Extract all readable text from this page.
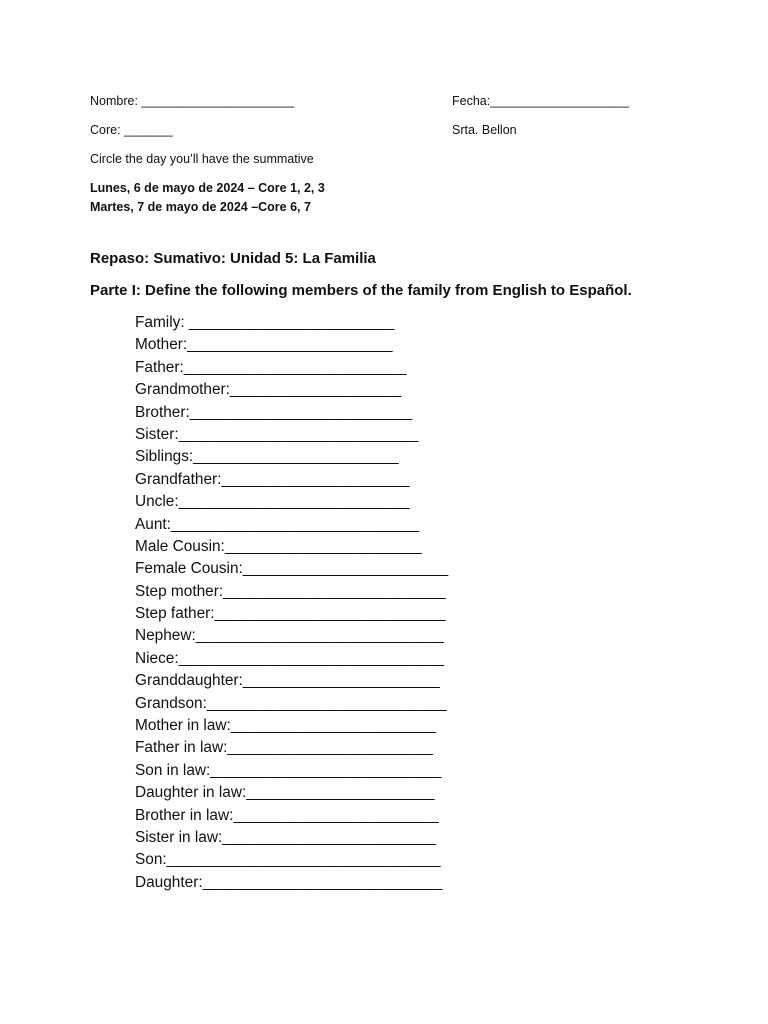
Nombre: ______________________	Fecha:____________________
Core: _______	Srta. Bellon
Circle the day you’ll have the summative
Lunes, 6 de mayo de 2024 – Core 1, 2, 3
Martes, 7 de mayo de 2024 –Core 6, 7
Repaso: Sumativo: Unidad 5: La Familia
Parte I: Define the following members of the family from English to Español.
Family: ________________________
Mother:________________________
Father:__________________________
Grandmother:____________________
Brother:__________________________
Sister:____________________________
Siblings:________________________
Grandfather:______________________
Uncle:___________________________
Aunt:_____________________________
Male Cousin:_______________________
Female Cousin:________________________
Step mother:__________________________
Step father:___________________________
Nephew:_____________________________
Niece:_______________________________
Granddaughter:_______________________
Grandson:____________________________
Mother in law:________________________
Father in law:________________________
Son in law:___________________________
Daughter in law:______________________
Brother in law:________________________
Sister in law:_________________________
Son:________________________________
Daughter:____________________________
